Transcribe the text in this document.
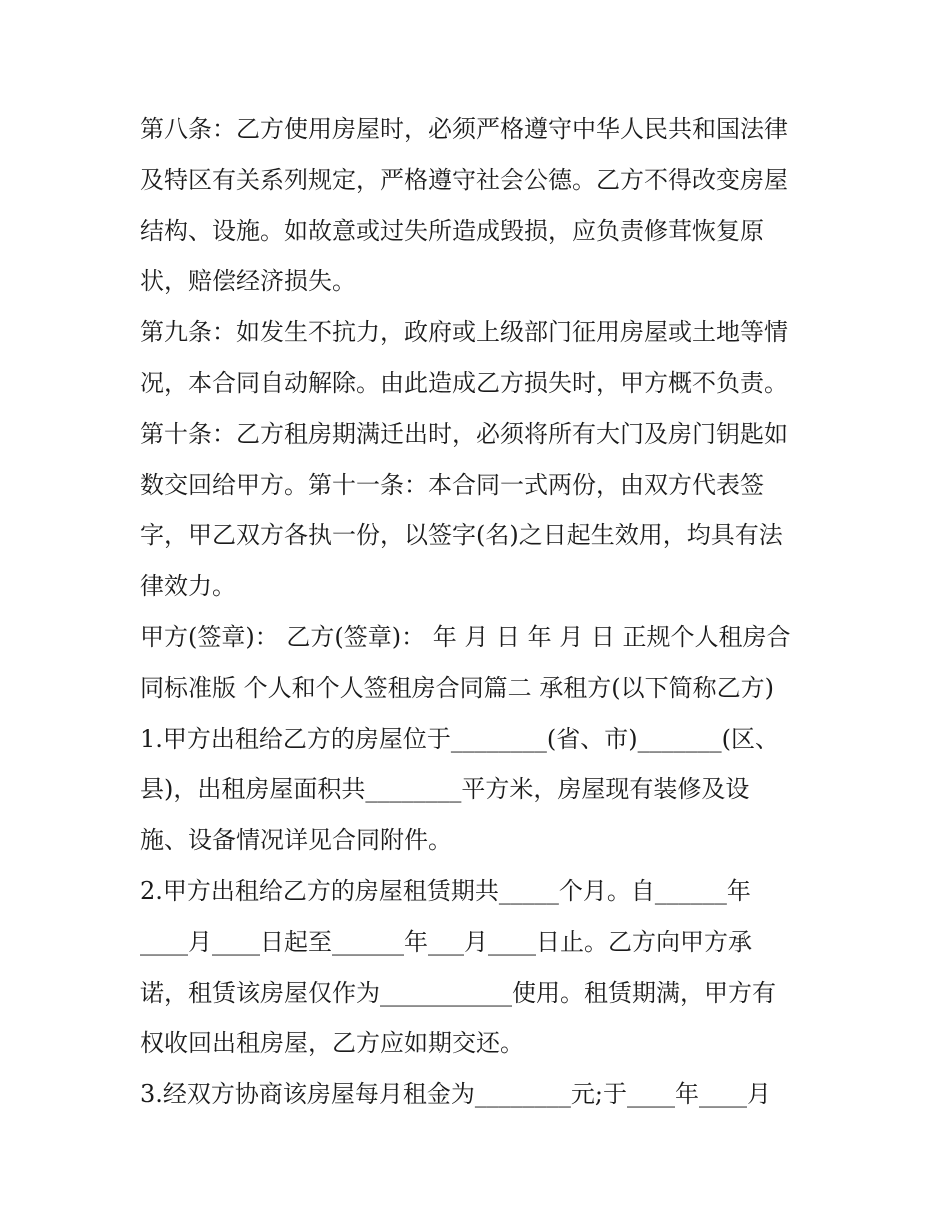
第八条：乙方使用房屋时，必须严格遵守中华人民共和国法律
及特区有关系列规定，严格遵守社会公德。乙方不得改变房屋
结构、设施。如故意或过失所造成毁损，应负责修茸恢复原
状，赔偿经济损失。
第九条：如发生不抗力，政府或上级部门征用房屋或土地等情
况，本合同自动解除。由此造成乙方损失时，甲方概不负责。
第十条：乙方租房期满迁出时，必须将所有大门及房门钥匙如
数交回给甲方。第十一条：本合同一式两份，由双方代表签
字，甲乙双方各执一份，以签字(名)之日起生效用，均具有法
律效力。
甲方(签章)： 乙方(签章)： 年 月 日 年 月 日 正规个人租房合
同标准版 个人和个人签租房合同篇二 承租方(以下简称乙方)
1.甲方出租给乙方的房屋位于________(省、市)_______(区、
县)，出租房屋面积共________平方米，房屋现有装修及设
施、设备情况详见合同附件。
2.甲方出租给乙方的房屋租赁期共_____个月。自______年
____月____日起至______年___月____日止。乙方向甲方承
诺，租赁该房屋仅作为___________使用。租赁期满，甲方有
权收回出租房屋，乙方应如期交还。
3.经双方协商该房屋每月租金为________元;于____年____月
